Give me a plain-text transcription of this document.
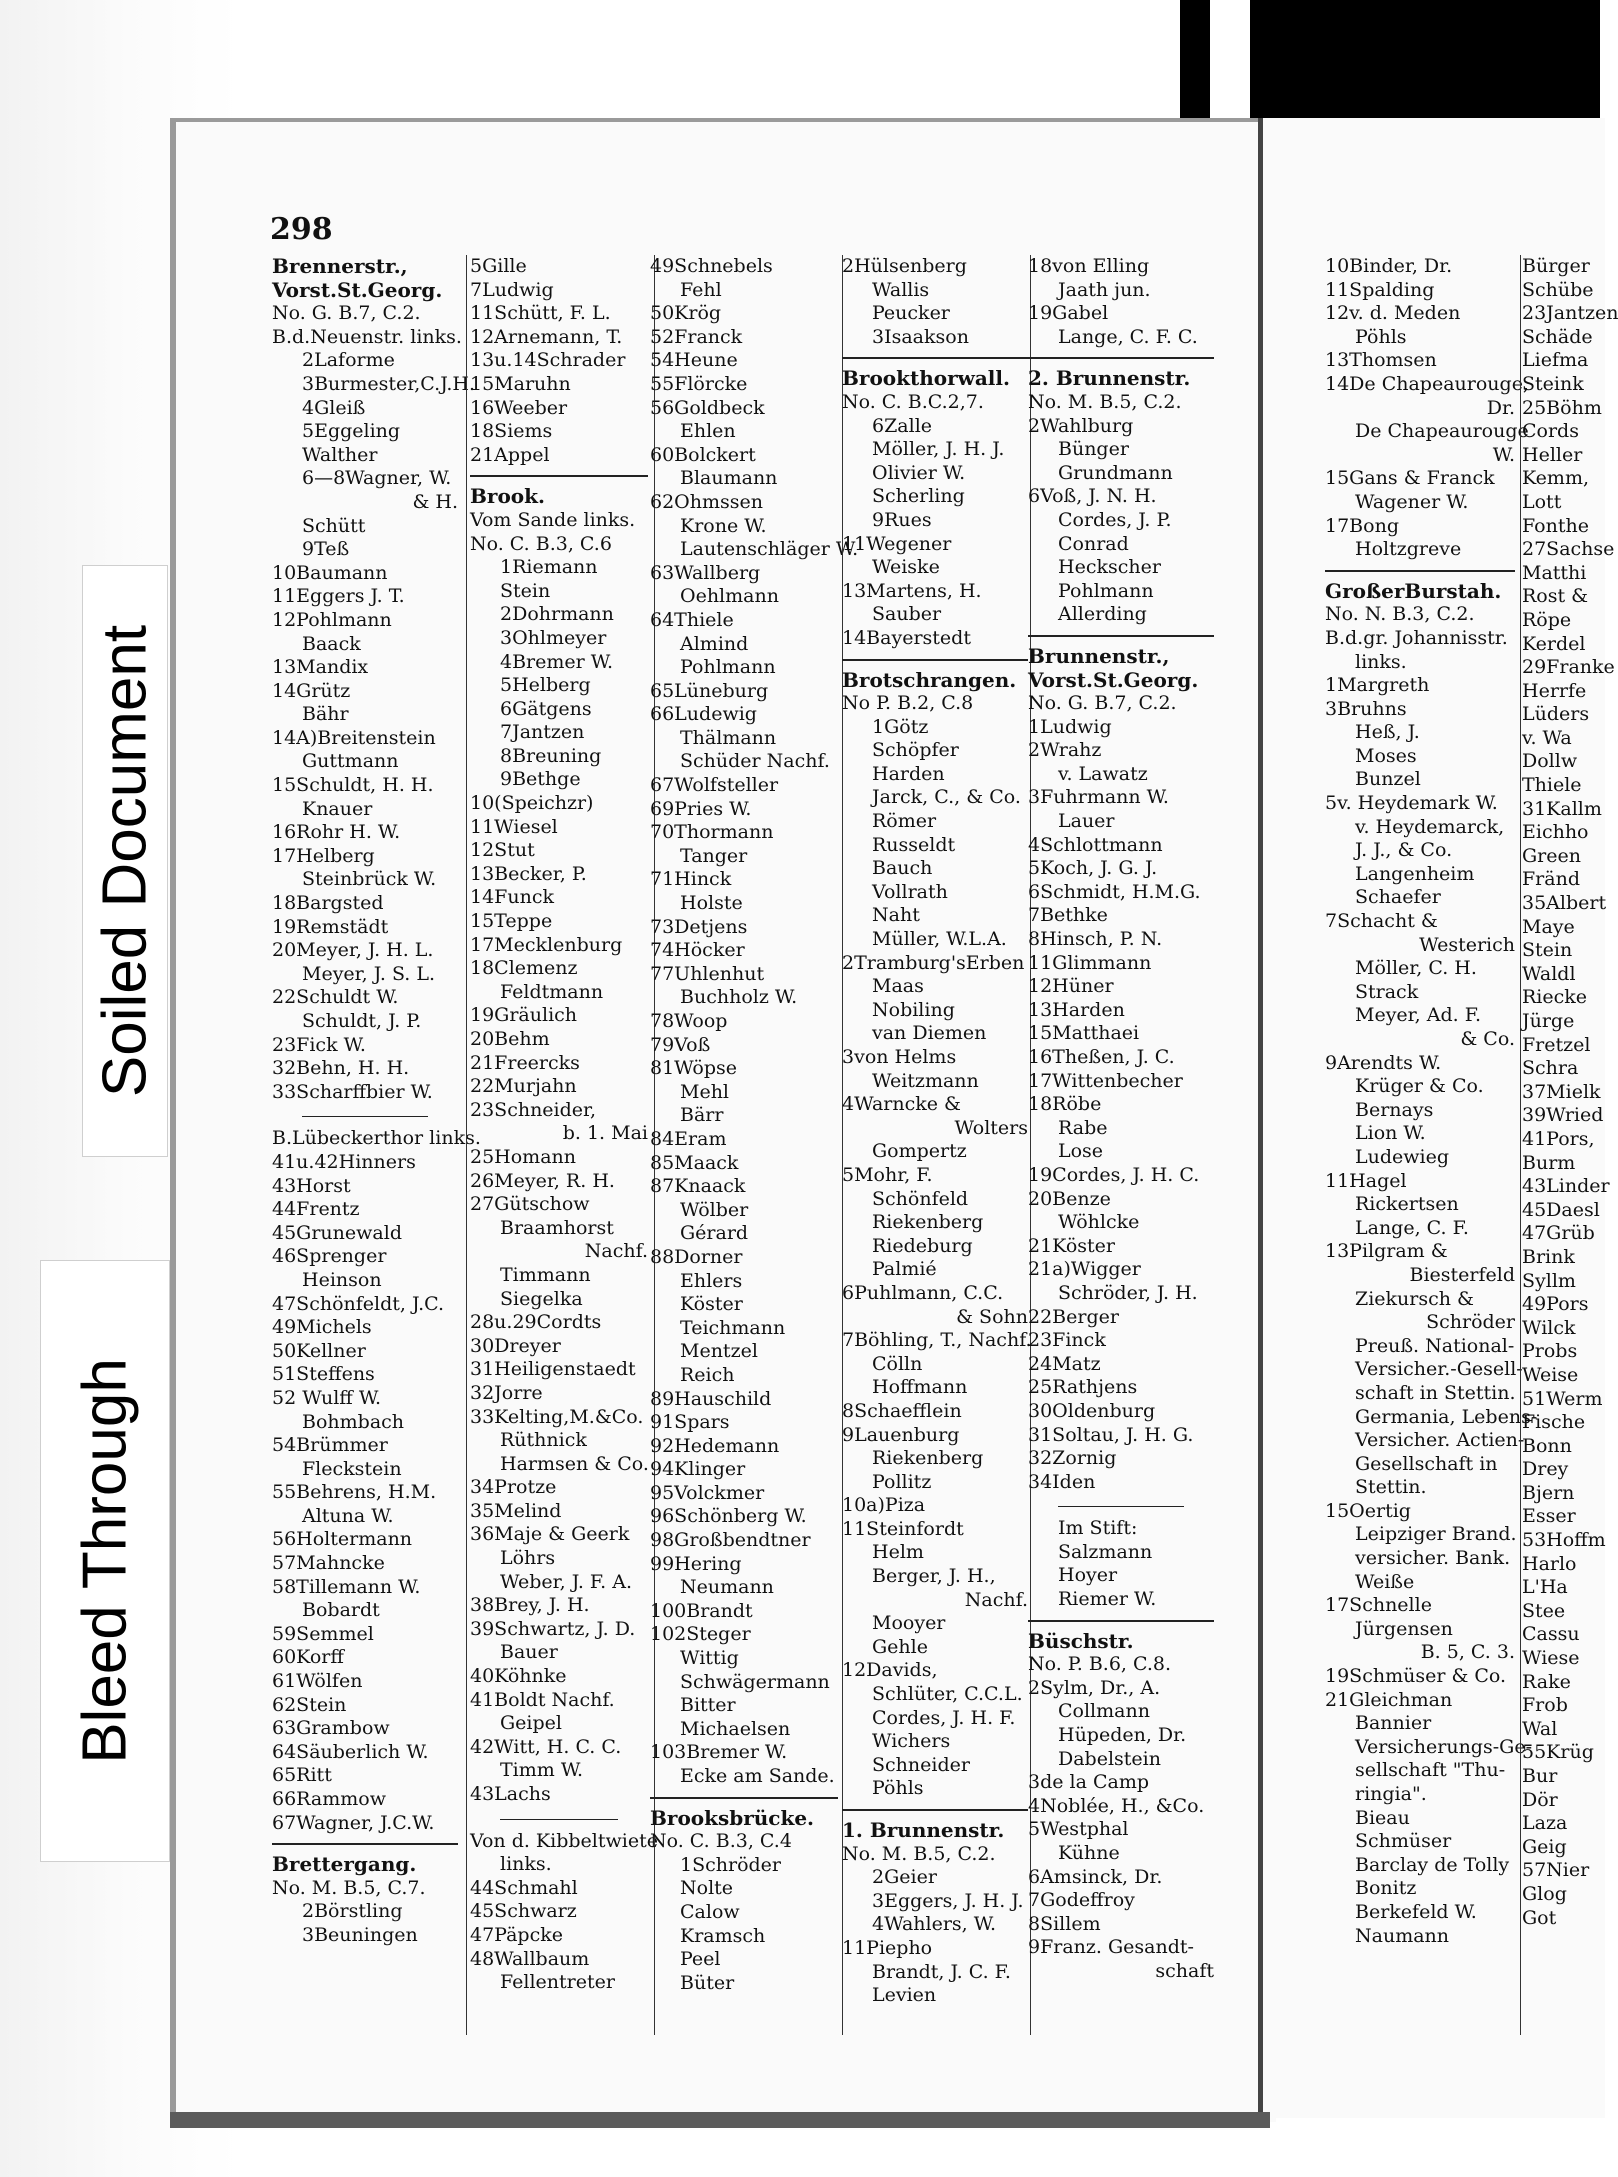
Soiled Document
Bleed Through
298
Brennerstr.,
Vorst.St.Georg.
No. G. B.7, C.2.
B.d.Neuenstr. links.
2Laforme
3Burmester,C.J.H.
4Gleiß
5Eggeling
Walther
6—8Wagner, W.
& H.
Schütt
9Teß
10Baumann
11Eggers J. T.
12Pohlmann
Baack
13Mandix
14Grütz
Bähr
14A)Breitenstein
Guttmann
15Schuldt, H. H.
Knauer
16Rohr H. W.
17Helberg
Steinbrück W.
18Bargsted
19Remstädt
20Meyer, J. H. L.
Meyer, J. S. L.
22Schuldt W.
Schuldt, J. P.
23Fick W.
32Behn, H. H.
33Scharffbier W.
B.Lübeckerthor links.
41u.42Hinners
43Horst
44Frentz
45Grunewald
46Sprenger
Heinson
47Schönfeldt, J.C.
49Michels
50Kellner
51Steffens
52 Wulff W.
Bohmbach
54Brümmer
Fleckstein
55Behrens, H.M.
Altuna W.
56Holtermann
57Mahncke
58Tillemann W.
Bobardt
59Semmel
60Korff
61Wölfen
62Stein
63Grambow
64Säuberlich W.
65Ritt
66Rammow
67Wagner, J.C.W.
Brettergang.
No. M. B.5, C.7.
2Börstling
3Beuningen
5Gille
7Ludwig
11Schütt, F. L.
12Arnemann, T.
13u.14Schrader
15Maruhn
16Weeber
18Siems
21Appel
Brook.
Vom Sande links.
No. C. B.3, C.6
1Riemann
Stein
2Dohrmann
3Ohlmeyer
4Bremer W.
5Helberg
6Gätgens
7Jantzen
8Breuning
9Bethge
10(Speichzr)
11Wiesel
12Stut
13Becker, P.
14Funck
15Teppe
17Mecklenburg
18Clemenz
Feldtmann
19Gräulich
20Behm
21Freercks
22Murjahn
23Schneider,
b. 1. Mai
25Homann
26Meyer, R. H.
27Gütschow
Braamhorst
Nachf.
Timmann
Siegelka
28u.29Cordts
30Dreyer
31Heiligenstaedt
32Jorre
33Kelting,M.&Co.
Rüthnick
Harmsen & Co.
34Protze
35Melind
36Maje & Geerk
Löhrs
Weber, J. F. A.
38Brey, J. H.
39Schwartz, J. D.
Bauer
40Köhnke
41Boldt Nachf.
Geipel
42Witt, H. C. C.
Timm W.
43Lachs
Von d. Kibbeltwiete
links.
44Schmahl
45Schwarz
47Päpcke
48Wallbaum
Fellentreter
49Schnebels
Fehl
50Krög
52Franck
54Heune
55Flörcke
56Goldbeck
Ehlen
60Bolckert
Blaumann
62Ohmssen
Krone W.
Lautenschläger W.
63Wallberg
Oehlmann
64Thiele
Almind
Pohlmann
65Lüneburg
66Ludewig
Thälmann
Schüder Nachf.
67Wolfsteller
69Pries W.
70Thormann
Tanger
71Hinck
Holste
73Detjens
74Höcker
77Uhlenhut
Buchholz W.
78Woop
79Voß
81Wöpse
Mehl
Bärr
84Eram
85Maack
87Knaack
Wölber
Gérard
88Dorner
Ehlers
Köster
Teichmann
Mentzel
Reich
89Hauschild
91Spars
92Hedemann
94Klinger
95Volckmer
96Schönberg W.
98Großbendtner
99Hering
Neumann
100Brandt
102Steger
Wittig
Schwägermann
Bitter
Michaelsen
103Bremer W.
Ecke am Sande.
Brooksbrücke.
No. C. B.3, C.4
1Schröder
Nolte
Calow
Kramsch
Peel
Büter
2Hülsenberg
Wallis
Peucker
3Isaakson
Brookthorwall.
No. C. B.C.2,7.
6Zalle
Möller, J. H. J.
Olivier W.
Scherling
9Rues
11Wegener
Weiske
13Martens, H.
Sauber
14Bayerstedt
Brotschrangen.
No P. B.2, C.8
1Götz
Schöpfer
Harden
Jarck, C., & Co.
Römer
Russeldt
Bauch
Vollrath
Naht
Müller, W.L.A.
2Tramburg'sErben
Maas
Nobiling
van Diemen
3von Helms
Weitzmann
4Warncke &
Wolters
Gompertz
5Mohr, F.
Schönfeld
Riekenberg
Riedeburg
Palmié
6Puhlmann, C.C.
& Sohn
7Böhling, T., Nachf.
Cölln
Hoffmann
8Schaefflein
9Lauenburg
Riekenberg
Pollitz
10a)Piza
11Steinfordt
Helm
Berger, J. H.,
Nachf.
Mooyer
Gehle
12Davids,
Schlüter, C.C.L.
Cordes, J. H. F.
Wichers
Schneider
Pöhls
1. Brunnenstr.
No. M. B.5, C.2.
2Geier
3Eggers, J. H. J.
4Wahlers, W.
11Piepho
Brandt, J. C. F.
Levien
18von Elling
Jaath jun.
19Gabel
Lange, C. F. C.
2. Brunnenstr.
No. M. B.5, C.2.
2Wahlburg
Bünger
Grundmann
6Voß, J. N. H.
Cordes, J. P.
Conrad
Heckscher
Pohlmann
Allerding
Brunnenstr.,
Vorst.St.Georg.
No. G. B.7, C.2.
1Ludwig
2Wrahz
v. Lawatz
3Fuhrmann W.
Lauer
4Schlottmann
5Koch, J. G. J.
6Schmidt, H.M.G.
7Bethke
8Hinsch, P. N.
11Glimmann
12Hüner
13Harden
15Matthaei
16Theßen, J. C.
17Wittenbecher
18Röbe
Rabe
Lose
19Cordes, J. H. C.
20Benze
Wöhlcke
21Köster
21a)Wigger
Schröder, J. H.
22Berger
23Finck
24Matz
25Rathjens
30Oldenburg
31Soltau, J. H. G.
32Zornig
34Iden
Im Stift:
Salzmann
Hoyer
Riemer W.
Büschstr.
No. P. B.6, C.8.
2Sylm, Dr., A.
Collmann
Hüpeden, Dr.
Dabelstein
3de la Camp
4Noblée, H., &Co.
5Westphal
Kühne
6Amsinck, Dr.
7Godeffroy
8Sillem
9Franz. Gesandt-
schaft
10Binder, Dr.
11Spalding
12v. d. Meden
Pöhls
13Thomsen
14De Chapeaurouge,
Dr.
De Chapeaurouge
W.
15Gans & Franck
Wagener W.
17Bong
Holtzgreve
GroßerBurstah.
No. N. B.3, C.2.
B.d.gr. Johannisstr.
links.
1Margreth
3Bruhns
Heß, J.
Moses
Bunzel
5v. Heydemark W.
v. Heydemarck,
J. J., & Co.
Langenheim
Schaefer
7Schacht &
Westerich
Möller, C. H.
Strack
Meyer, Ad. F.
& Co.
9Arendts W.
Krüger & Co.
Bernays
Lion W.
Ludewieg
11Hagel
Rickertsen
Lange, C. F.
13Pilgram &
Biesterfeld
Ziekursch &
Schröder
Preuß. National-
Versicher.-Gesell-
schaft in Stettin.
Germania, Lebens-
Versicher. Actien-
Gesellschaft in
Stettin.
15Oertig
Leipziger Brand.
versicher. Bank.
Weiße
17Schnelle
Jürgensen
B. 5, C. 3.
19Schmüser & Co.
21Gleichman
Bannier
Versicherungs-Ge-
sellschaft "Thu-
ringia".
Bieau
Schmüser
Barclay de Tolly
Bonitz
Berkefeld W.
Naumann
Bürger
Schübe
23Jantzen
Schäde
Liefma
Steink
25Böhm
Cords
Heller
Kemm,
Lott
Fonthe
27Sachse
Matthi
Rost &
Röpe
Kerdel
29Franke
Herrfe
Lüders
v. Wa
Dollw
Thiele
31Kallm
Eichho
Green
Fränd
35Albert
Maye
Stein
Waldl
Riecke
Jürge
Fretzel
Schra
37Mielk
39Wried
41Pors,
Burm
43Linder
45Daesl
47Grüb
Brink
Syllm
49Pors
Wilck
Probs
Weise
51Werm
Fische
Bonn
Drey
Bjern
Esser
53Hoffm
Harlo
L'Ha
Stee
Cassu
Wiese
Rake
Frob
Wal
55Krüg
Bur
Dör
Laza
Geig
57Nier
Glog
Got
